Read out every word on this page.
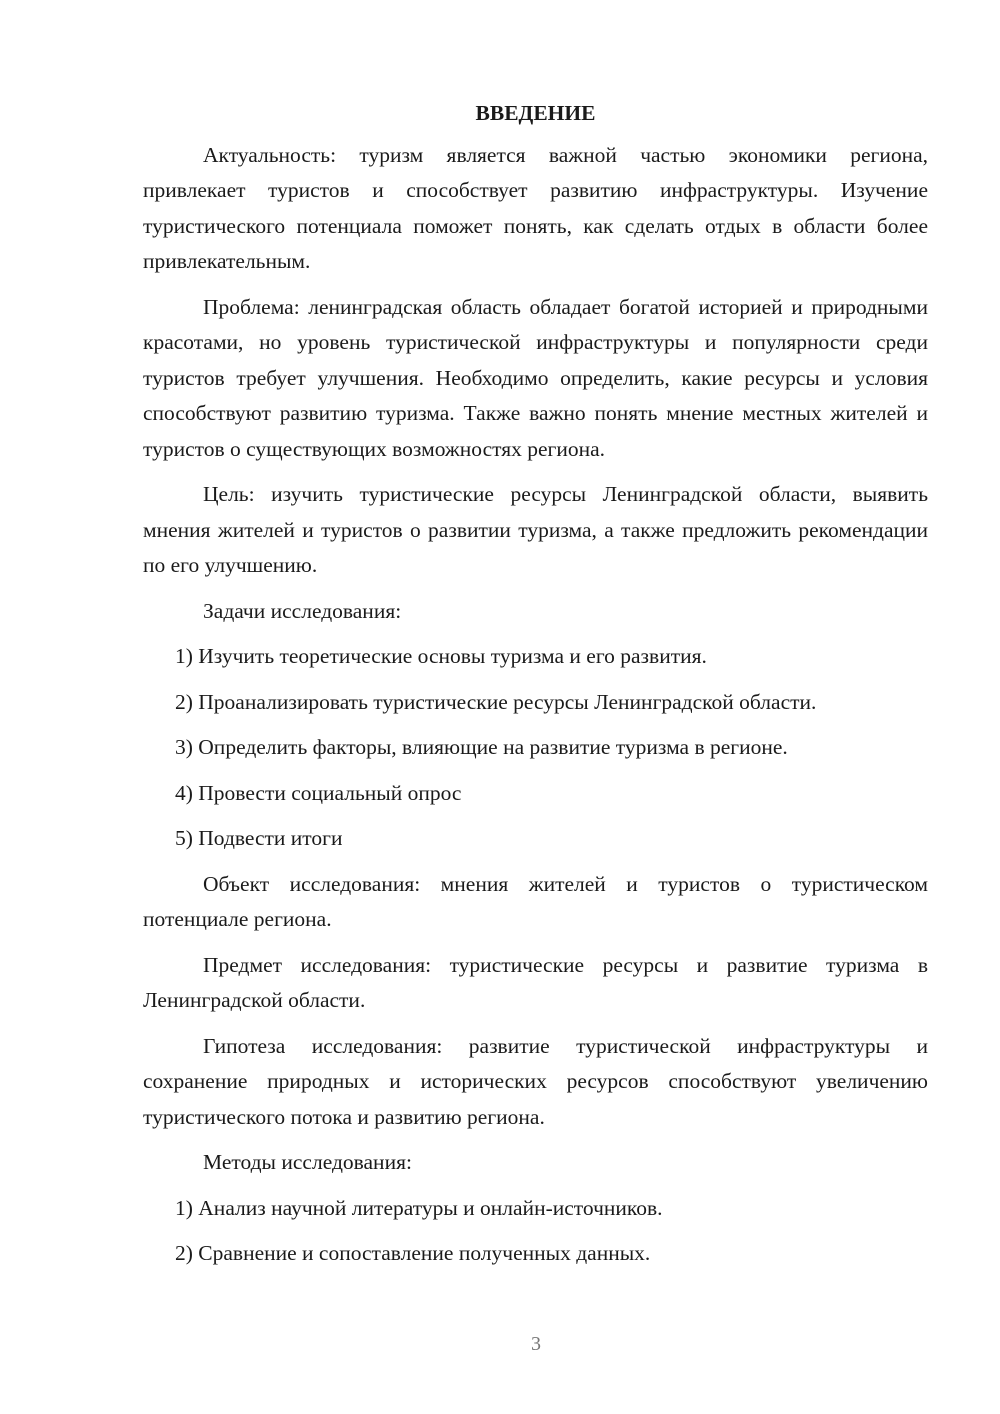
ВВЕДЕНИЕ

Актуальность: туризм является важной частью экономики региона, привлекает туристов и способствует развитию инфраструктуры. Изучение туристического потенциала поможет понять, как сделать отдых в области более привлекательным.

Проблема: ленинградская область обладает богатой историей и природными красотами, но уровень туристической инфраструктуры и популярности среди туристов требует улучшения. Необходимо определить, какие ресурсы и условия способствуют развитию туризма. Также важно понять мнение местных жителей и туристов о существующих возможностях региона.

Цель: изучить туристические ресурсы Ленинградской области, выявить мнения жителей и туристов о развитии туризма, а также предложить рекомендации по его улучшению.

Задачи исследования:

1) Изучить теоретические основы туризма и его развития.

2) Проанализировать туристические ресурсы Ленинградской области.

3) Определить факторы, влияющие на развитие туризма в регионе.

4) Провести социальный опрос

5) Подвести итоги

Объект исследования: мнения жителей и туристов о туристическом потенциале региона.

Предмет исследования: туристические ресурсы и развитие туризма в Ленинградской области.

Гипотеза исследования: развитие туристической инфраструктуры и сохранение природных и исторических ресурсов способствуют увеличению туристического потока и развитию региона.

Методы исследования:

1) Анализ научной литературы и онлайн-источников.

2) Сравнение и сопоставление полученных данных.

3
